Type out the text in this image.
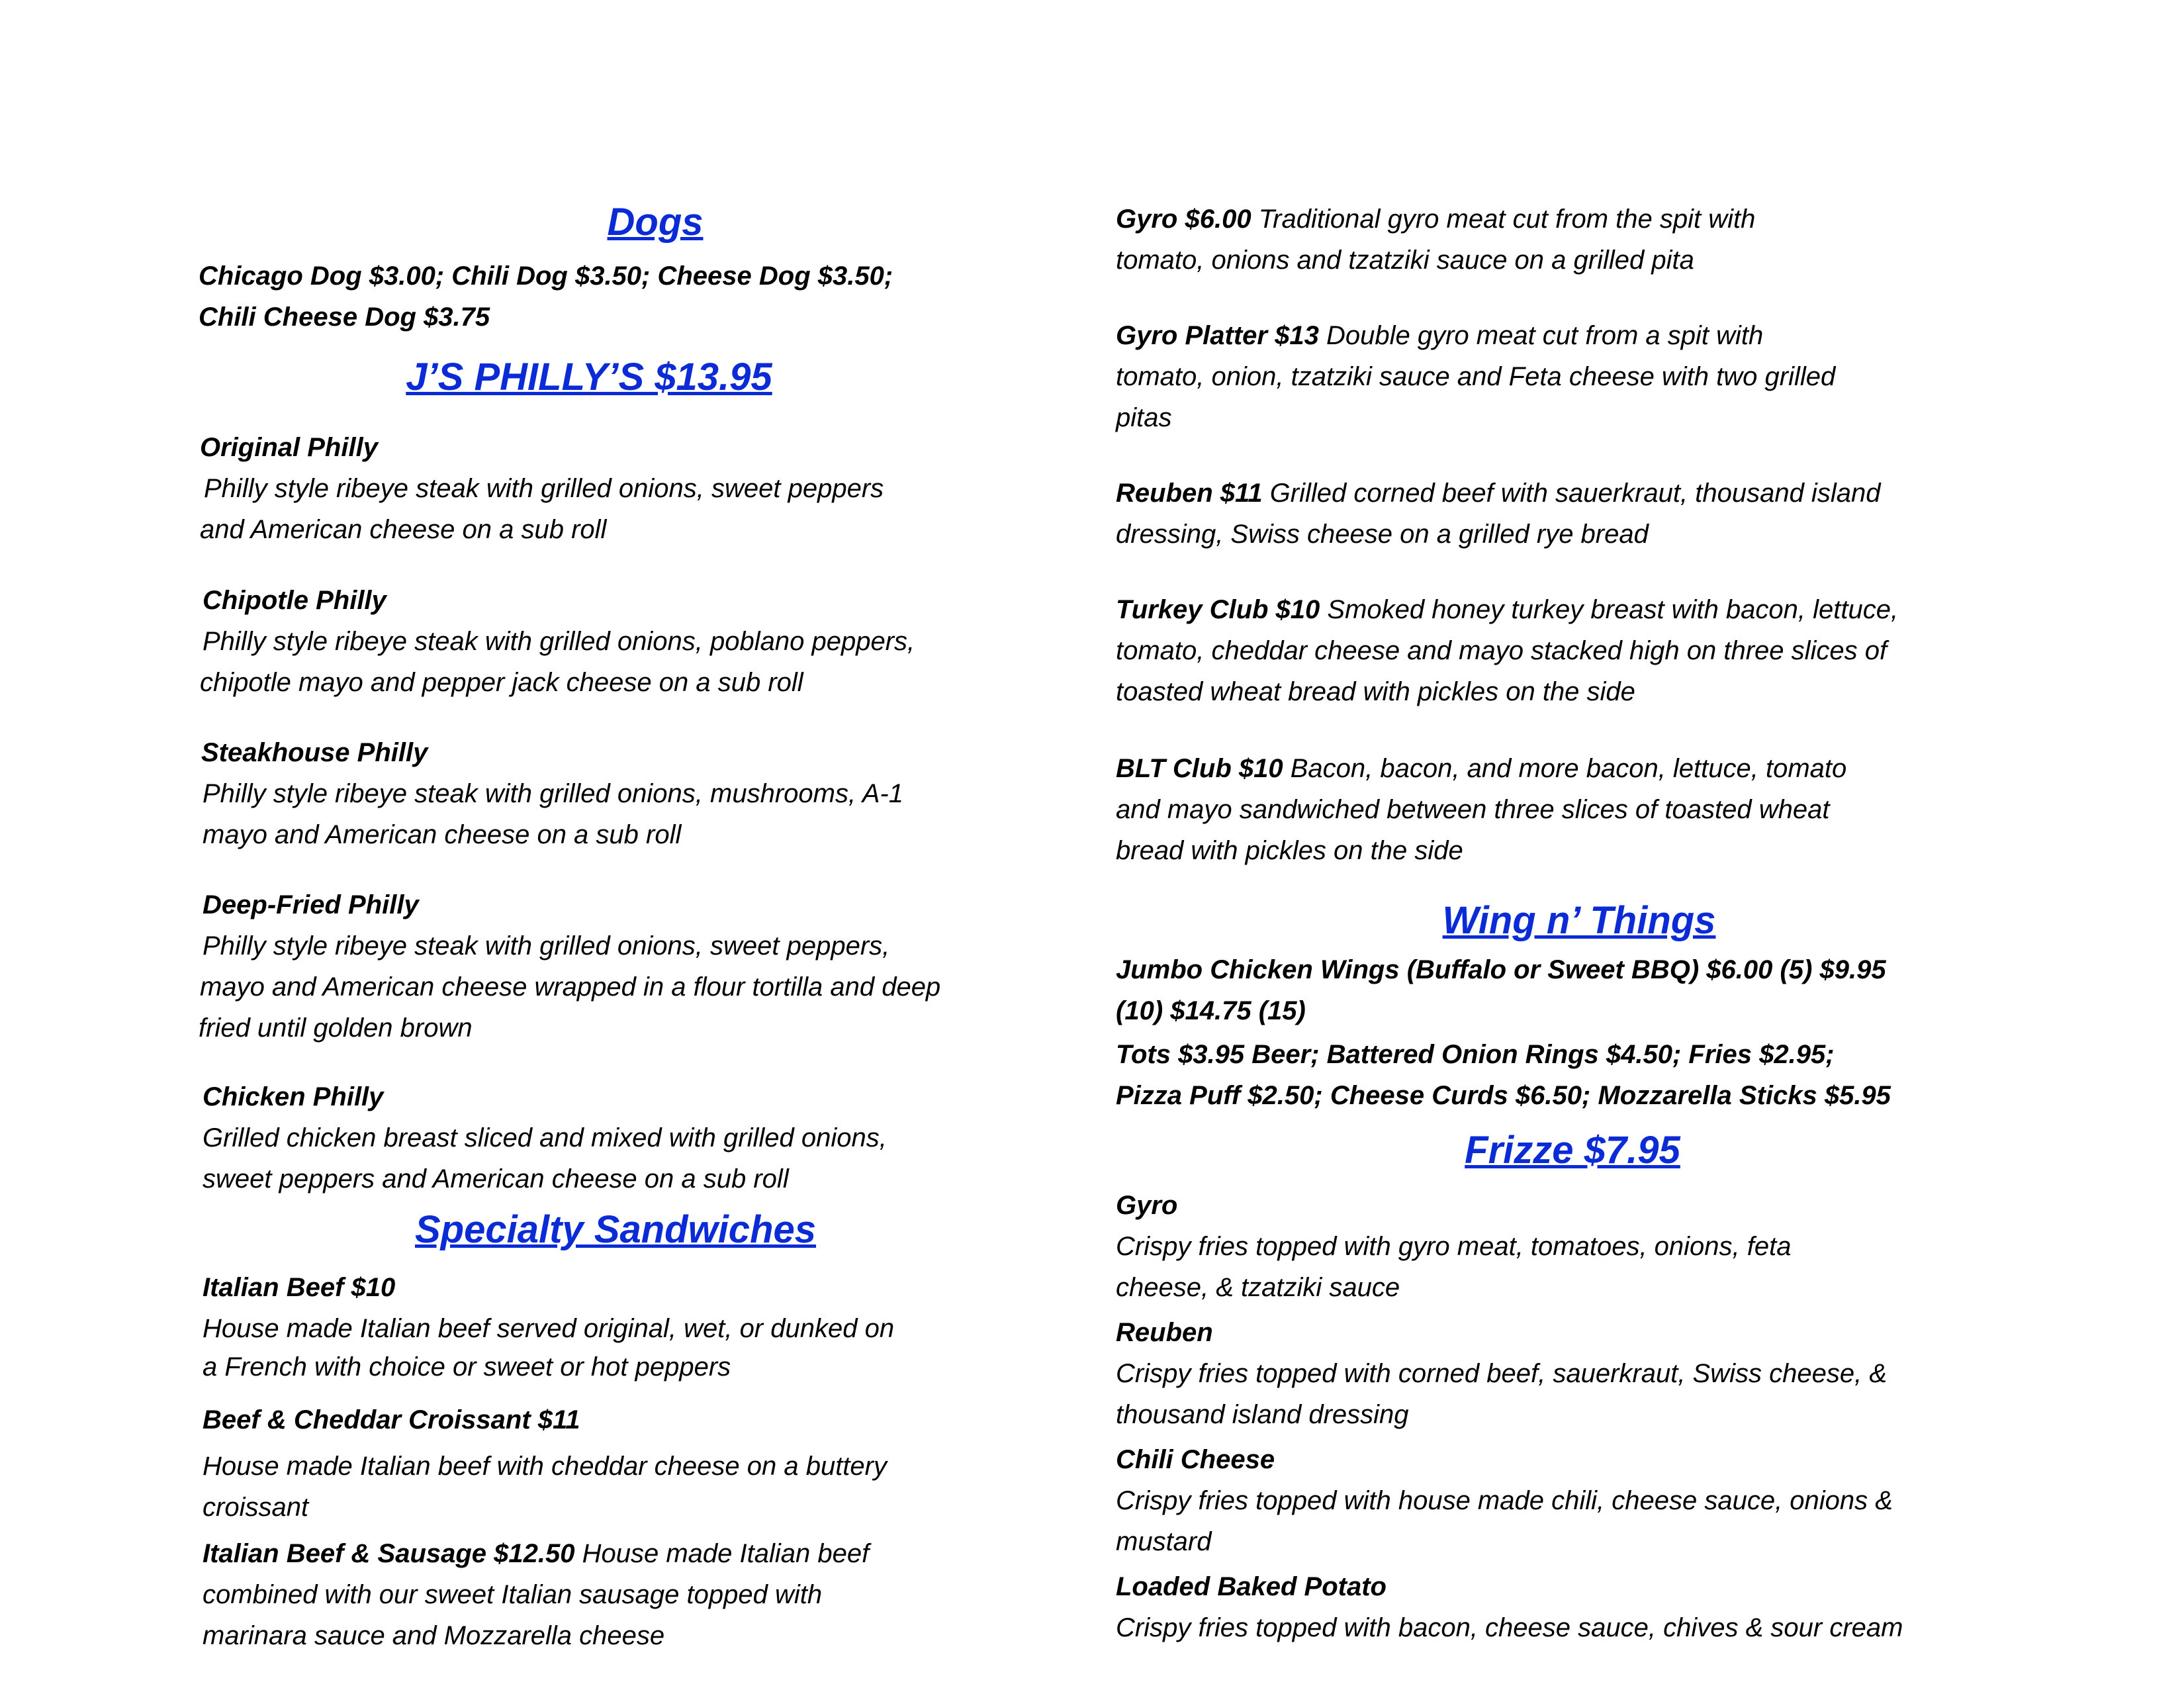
Dogs

Chicago Dog $3.00; Chili Dog $3.50; Cheese Dog $3.50;

Chili Cheese Dog $3.75

J’S PHILLY’S $13.95

Original Philly

Philly style ribeye steak with grilled onions, sweet peppers

and American cheese on a sub roll

Chipotle Philly

Philly style ribeye steak with grilled onions, poblano peppers,

chipotle mayo and pepper jack cheese on a sub roll

Steakhouse Philly

Philly style ribeye steak with grilled onions, mushrooms, A-1

mayo and American cheese on a sub roll

Deep-Fried Philly

Philly style ribeye steak with grilled onions, sweet peppers,

mayo and American cheese wrapped in a flour tortilla and deep

fried until golden brown

Chicken Philly

Grilled chicken breast sliced and mixed with grilled onions,

sweet peppers and American cheese on a sub roll

Specialty Sandwiches

Italian Beef $10

House made Italian beef served original, wet, or dunked on

a French with choice or sweet or hot peppers

Beef & Cheddar Croissant $11

House made Italian beef with cheddar cheese on a buttery

croissant

Italian Beef & Sausage $12.50 House made Italian beef

combined with our sweet Italian sausage topped with

marinara sauce and Mozzarella cheese

Gyro $6.00 Traditional gyro meat cut from the spit with

tomato, onions and tzatziki sauce on a grilled pita

Gyro Platter $13 Double gyro meat cut from a spit with

tomato, onion, tzatziki sauce and Feta cheese with two grilled

pitas

Reuben $11 Grilled corned beef with sauerkraut, thousand island

dressing, Swiss cheese on a grilled rye bread

Turkey Club $10 Smoked honey turkey breast with bacon, lettuce,

tomato, cheddar cheese and mayo stacked high on three slices of

toasted wheat bread with pickles on the side

BLT Club $10 Bacon, bacon, and more bacon, lettuce, tomato

and mayo sandwiched between three slices of toasted wheat

bread with pickles on the side

Wing n’ Things

Jumbo Chicken Wings (Buffalo or Sweet BBQ) $6.00 (5) $9.95

(10) $14.75 (15)

Tots $3.95 Beer; Battered Onion Rings $4.50; Fries $2.95;

Pizza Puff $2.50; Cheese Curds $6.50; Mozzarella Sticks $5.95

Frizze $7.95

Gyro

Crispy fries topped with gyro meat, tomatoes, onions, feta

cheese, & tzatziki sauce

Reuben

Crispy fries topped with corned beef, sauerkraut, Swiss cheese, &

thousand island dressing

Chili Cheese

Crispy fries topped with house made chili, cheese sauce, onions &

mustard

Loaded Baked Potato

Crispy fries topped with bacon, cheese sauce, chives & sour cream
